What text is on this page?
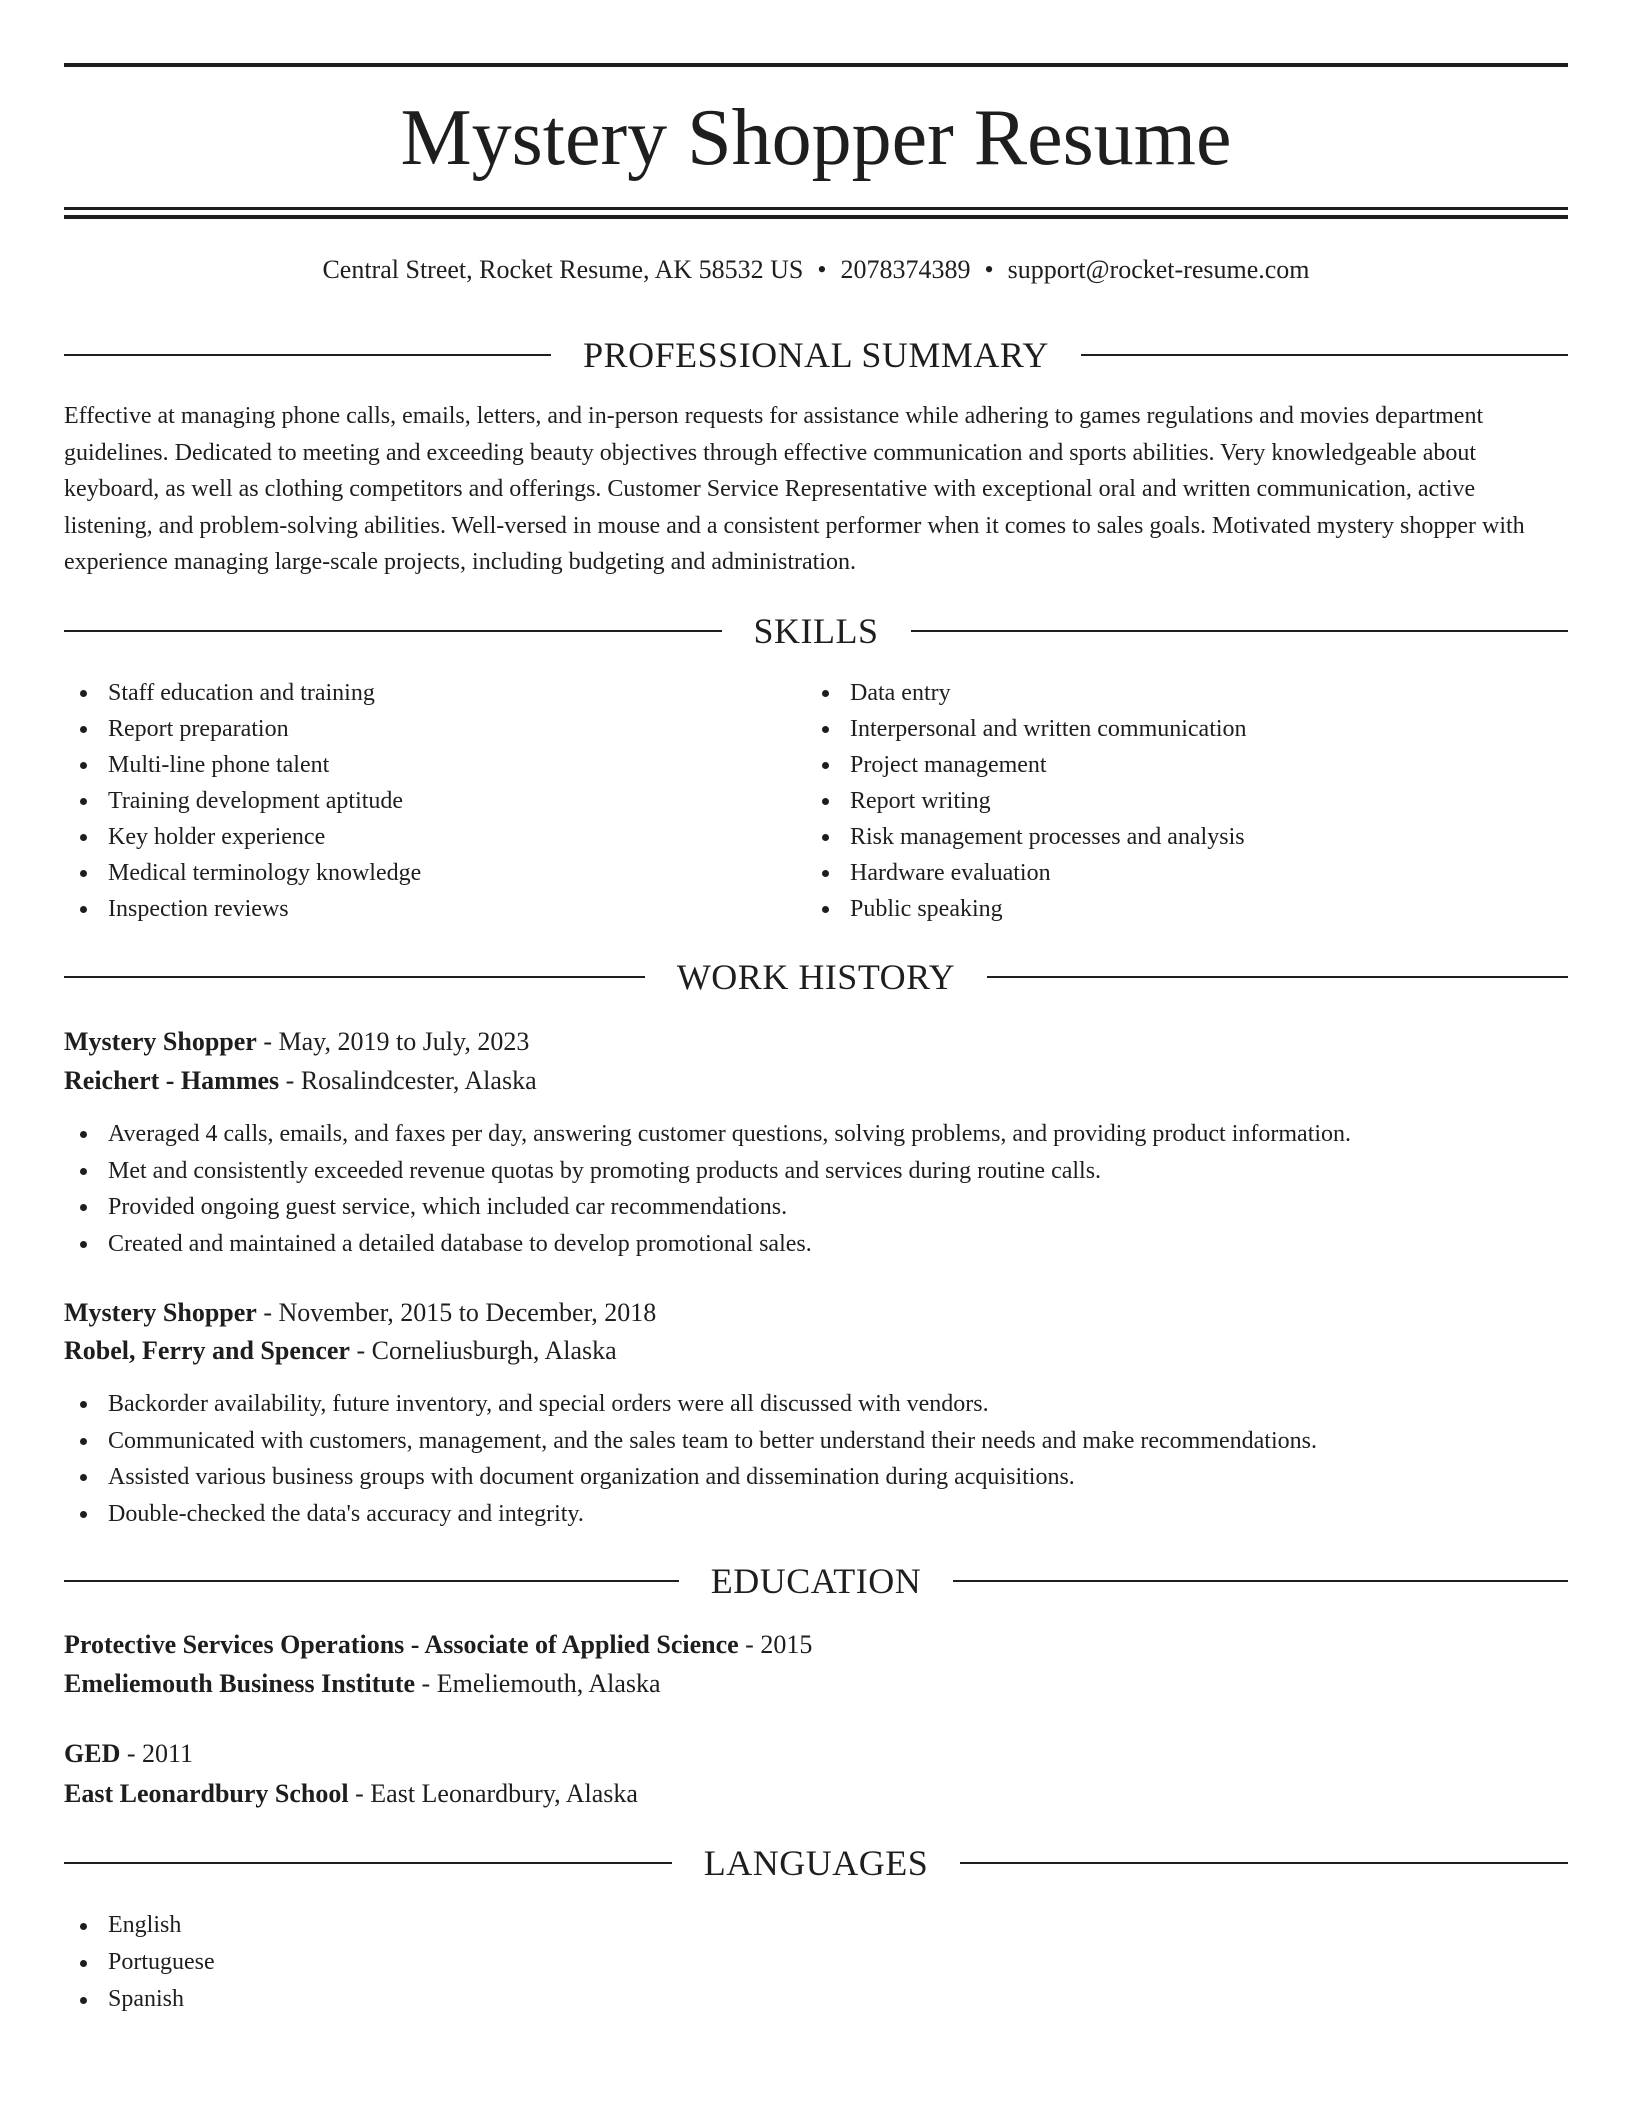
Mystery Shopper Resume
Central Street, Rocket Resume, AK 58532 US • 2078374389 • support@rocket-resume.com
PROFESSIONAL SUMMARY

Effective at managing phone calls, emails, letters, and in-person requests for assistance while adhering to games regulations and movies department guidelines. Dedicated to meeting and exceeding beauty objectives through effective communication and sports abilities. Very knowledgeable about keyboard, as well as clothing competitors and offerings. Customer Service Representative with exceptional oral and written communication, active listening, and problem-solving abilities. Well-versed in mouse and a consistent performer when it comes to sales goals. Motivated mystery shopper with experience managing large-scale projects, including budgeting and administration.

SKILLS
Staff education and training
Report preparation
Multi-line phone talent
Training development aptitude
Key holder experience
Medical terminology knowledge
Inspection reviews
Data entry
Interpersonal and written communication
Project management
Report writing
Risk management processes and analysis
Hardware evaluation
Public speaking
WORK HISTORY
Mystery Shopper - May, 2019 to July, 2023
Reichert - Hammes - Rosalindcester, Alaska
Averaged 4 calls, emails, and faxes per day, answering customer questions, solving problems, and providing product information.
Met and consistently exceeded revenue quotas by promoting products and services during routine calls.
Provided ongoing guest service, which included car recommendations.
Created and maintained a detailed database to develop promotional sales.
Mystery Shopper - November, 2015 to December, 2018
Robel, Ferry and Spencer - Corneliusburgh, Alaska
Backorder availability, future inventory, and special orders were all discussed with vendors.
Communicated with customers, management, and the sales team to better understand their needs and make recommendations.
Assisted various business groups with document organization and dissemination during acquisitions.
Double-checked the data's accuracy and integrity.
EDUCATION
Protective Services Operations - Associate of Applied Science - 2015
Emeliemouth Business Institute - Emeliemouth, Alaska
GED - 2011
East Leonardbury School - East Leonardbury, Alaska
LANGUAGES
English
Portuguese
Spanish
